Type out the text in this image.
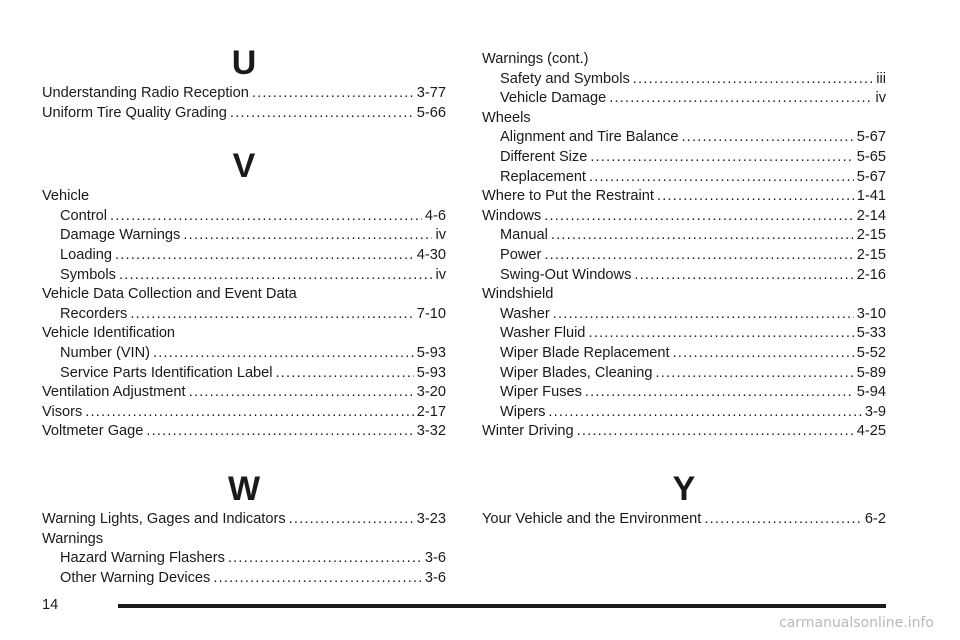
U
Understanding Radio Reception .....	3-77
Uniform Tire Quality Grading .....	5-66
V
Vehicle
Control .....	4-6
Damage Warnings .....	iv
Loading .....	4-30
Symbols .....	iv
Vehicle Data Collection and Event Data
Recorders .....	7-10
Vehicle Identification
Number (VIN) .....	5-93
Service Parts Identification Label .....	5-93
Ventilation Adjustment .....	3-20
Visors .....	2-17
Voltmeter Gage .....	3-32
W
Warning Lights, Gages and Indicators .....	3-23
Warnings
Hazard Warning Flashers .....	3-6
Other Warning Devices .....	3-6
Warnings (cont.)
Safety and Symbols .....	iii
Vehicle Damage .....	iv
Wheels
Alignment and Tire Balance .....	5-67
Different Size .....	5-65
Replacement .....	5-67
Where to Put the Restraint .....	1-41
Windows .....	2-14
Manual .....	2-15
Power .....	2-15
Swing-Out Windows .....	2-16
Windshield
Washer .....	3-10
Washer Fluid .....	5-33
Wiper Blade Replacement .....	5-52
Wiper Blades, Cleaning .....	5-89
Wiper Fuses .....	5-94
Wipers .....	3-9
Winter Driving .....	4-25
Y
Your Vehicle and the Environment .....	6-2
14
carmanualsonline.info
